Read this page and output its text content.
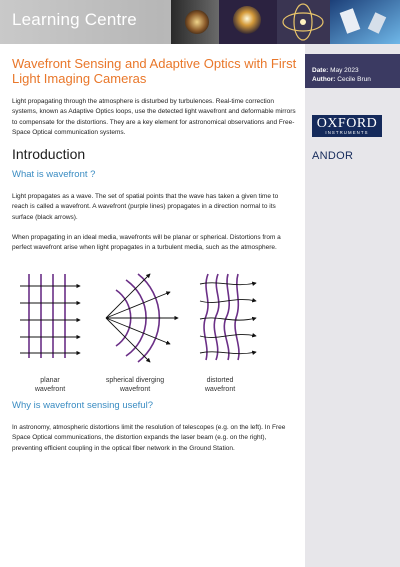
Learning Centre
Date: May 2023
Author: Cecile Brun
OXFORD
INSTRUMENTS
ANDOR
Wavefront Sensing and Adaptive Optics with First Light Imaging Cameras
Light propagating through the atmosphere is disturbed by turbulences. Real-time correction systems, known as Adaptive Optics loops, use the detected light wavefront and deformable mirrors to compensate for the distortions. They are a key element for astronomical observations and Free-Space Optical communication systems.
Introduction
What is wavefront ?
Light propagates as a wave. The set of spatial points that the wave has taken a given time to reach is called a wavefront. A wavefront (purple lines) propagates in a direction normal to its surface (black arrows).
When propagating in an ideal media, wavefronts will be planar or spherical. Distortions from a perfect wavefront arise when light propagates in a turbulent media, such as the atmosphere.
planar
wavefront
spherical diverging
wavefront
distorted
wavefront
Why is wavefront sensing useful?
In astronomy, atmospheric distortions limit the resolution of telescopes (e.g. on the left). In Free Space Optical communications, the distortion expands the laser beam (e.g. on the right), preventing efficient coupling in the optical fiber network in the Ground Station.
